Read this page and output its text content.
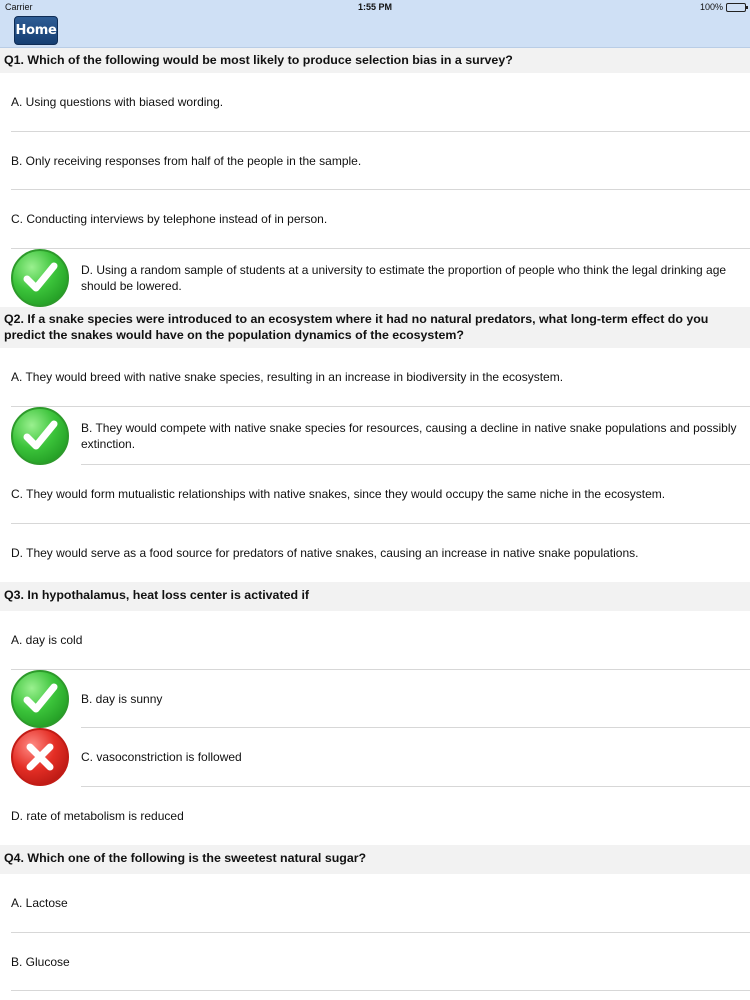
Carrier	1:55 PM	100%
Home
Q1. Which of the following would be most likely to produce selection bias in a survey?
A. Using questions with biased wording.
B. Only receiving responses from half of the people in the sample.
C. Conducting interviews by telephone instead of in person.
D. Using a random sample of students at a university to estimate the proportion of people who think the legal drinking age should be lowered.
Q2. If a snake species were introduced to an ecosystem where it had no natural predators, what long-term effect do you predict the snakes would have on the population dynamics of the ecosystem?
A. They would breed with native snake species, resulting in an increase in biodiversity in the ecosystem.
B. They would compete with native snake species for resources, causing a decline in native snake populations and possibly extinction.
C. They would form mutualistic relationships with native snakes, since they would occupy the same niche in the ecosystem.
D. They would serve as a food source for predators of native snakes, causing an increase in native snake populations.
Q3. In hypothalamus, heat loss center is activated if
A. day is cold
B. day is sunny
C. vasoconstriction is followed
D. rate of metabolism is reduced
Q4. Which one of the following is the sweetest natural sugar?
A. Lactose
B. Glucose
